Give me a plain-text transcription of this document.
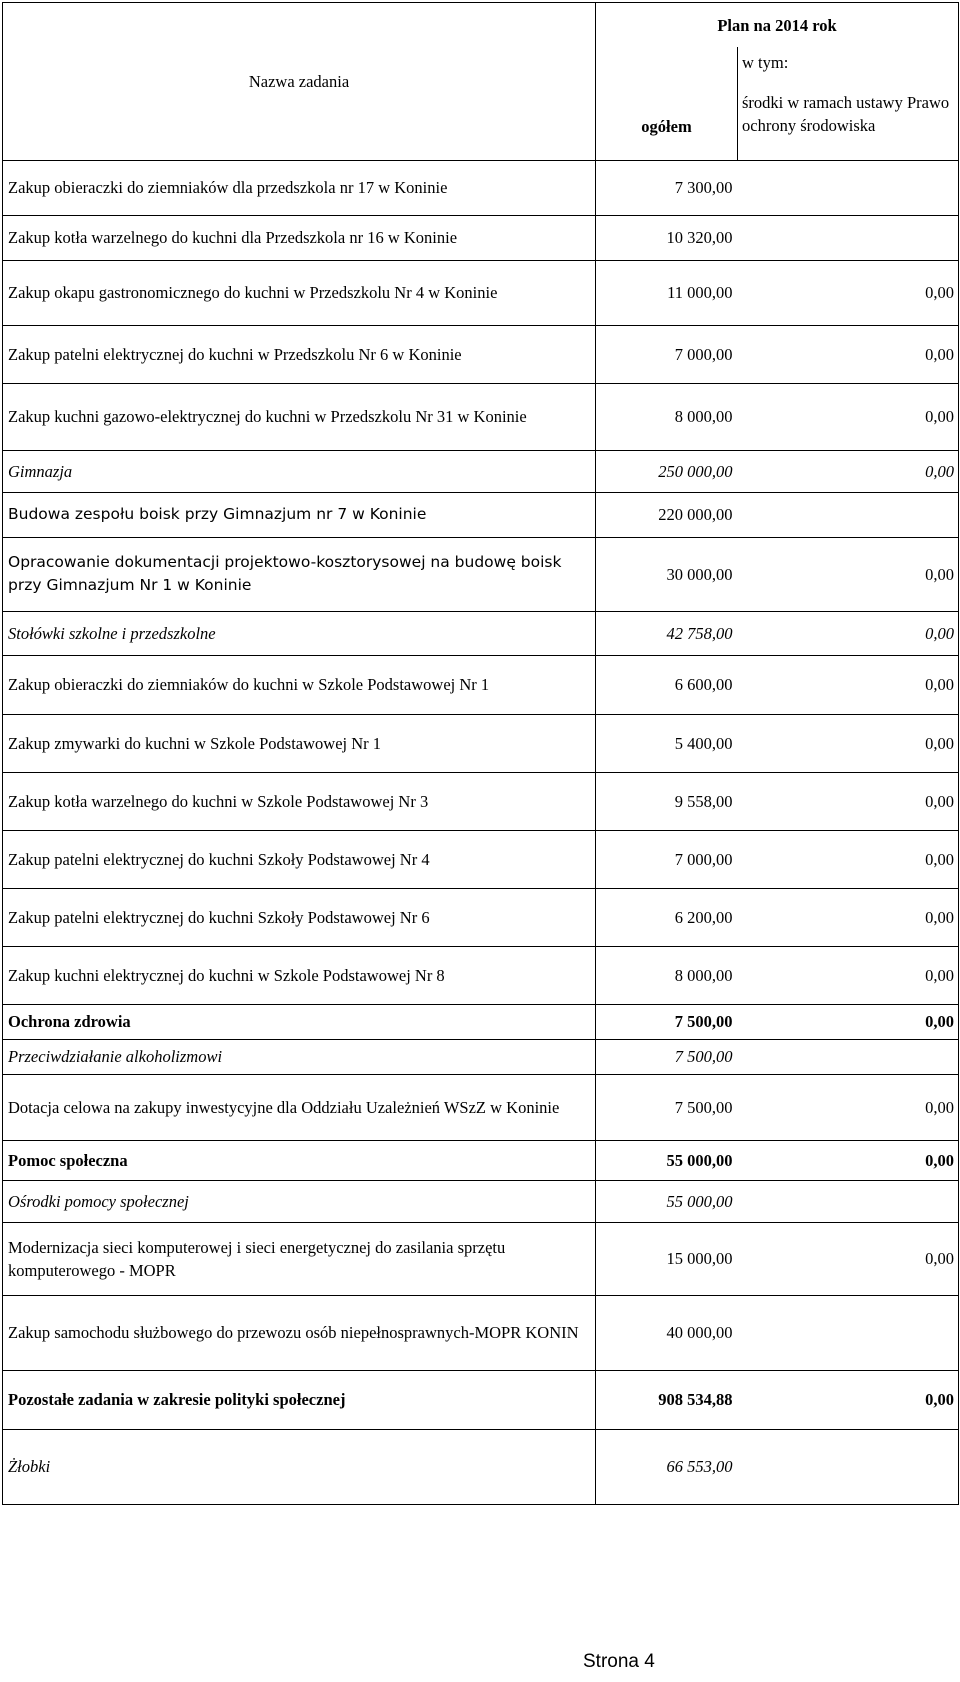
Nazwa zadania	Plan na 2014 rok	
	ogółem	w tym:
		środki w ramach ustawy Prawo ochrony środowiska
Zakup obieraczki do ziemniaków dla przedszkola nr 17 w Koninie	7 300,00	
Zakup kotła warzelnego do kuchni dla Przedszkola nr 16 w Koninie	10 320,00	
Zakup okapu gastronomicznego do kuchni w Przedszkolu Nr 4 w Koninie	11 000,00	0,00
Zakup patelni elektrycznej do kuchni w Przedszkolu Nr 6 w Koninie	7 000,00	0,00
Zakup kuchni gazowo-elektrycznej do kuchni w Przedszkolu Nr 31 w Koninie	8 000,00	0,00
Gimnazja	250 000,00	0,00
Budowa zespołu boisk przy Gimnazjum nr 7 w Koninie	220 000,00	
Opracowanie dokumentacji projektowo-kosztorysowej na budowę boisk przy Gimnazjum Nr 1 w Koninie	30 000,00	0,00
Stołówki szkolne i przedszkolne	42 758,00	0,00
Zakup obieraczki do ziemniaków do kuchni w Szkole Podstawowej Nr 1	6 600,00	0,00
Zakup zmywarki do kuchni w Szkole Podstawowej Nr 1	5 400,00	0,00
Zakup kotła warzelnego do kuchni w Szkole Podstawowej Nr 3	9 558,00	0,00
Zakup patelni elektrycznej do kuchni Szkoły Podstawowej Nr 4	7 000,00	0,00
Zakup patelni elektrycznej do kuchni Szkoły Podstawowej Nr 6	6 200,00	0,00
Zakup kuchni elektrycznej do kuchni w Szkole Podstawowej Nr 8	8 000,00	0,00
Ochrona zdrowia	7 500,00	0,00
Przeciwdziałanie alkoholizmowi	7 500,00	
Dotacja celowa na zakupy inwestycyjne dla Oddziału Uzależnień WSzZ w Koninie	7 500,00	0,00
Pomoc społeczna	55 000,00	0,00
Ośrodki pomocy społecznej	55 000,00	
Modernizacja sieci komputerowej i sieci energetycznej do zasilania sprzętu komputerowego - MOPR	15 000,00	0,00
Zakup samochodu służbowego do przewozu osób niepełnosprawnych-MOPR KONIN	40 000,00	
Pozostałe zadania w zakresie polityki społecznej	908 534,88	0,00
Żłobki	66 553,00	
Strona 4
